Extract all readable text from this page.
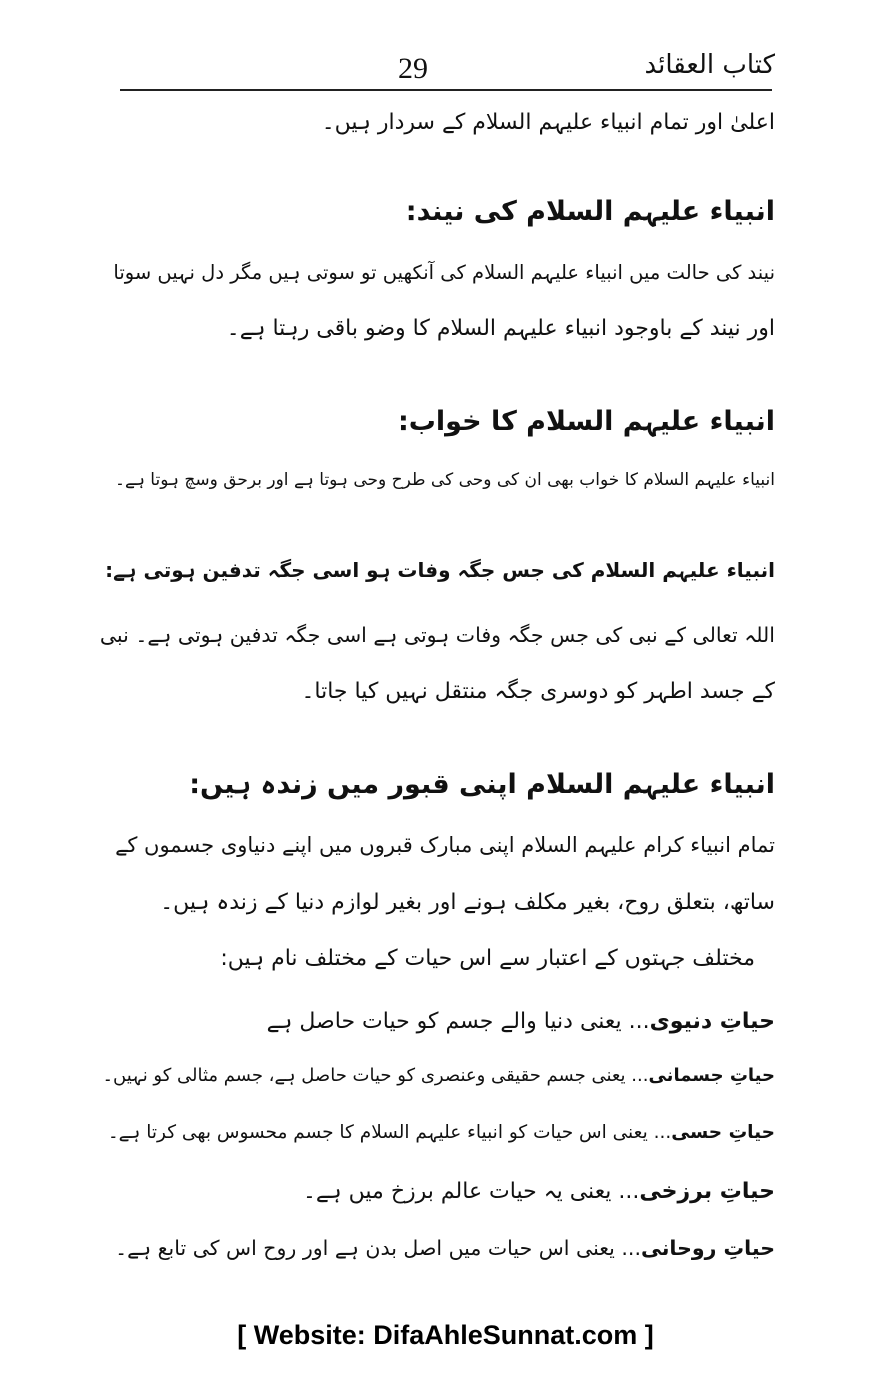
کتاب العقائد
29
اعلیٰ اور تمام انبیاء علیہم السلام کے سردار ہیں۔
انبیاء علیہم السلام کی نیند:
نیند کی حالت میں انبیاء علیہم السلام کی آنکھیں تو سوتی ہیں مگر دل نہیں سوتا
اور نیند کے باوجود انبیاء علیہم السلام کا وضو باقی رہتا ہے۔
انبیاء علیہم السلام کا خواب:
انبیاء علیہم السلام کا خواب بھی ان کی وحی کی طرح وحی ہوتا ہے اور برحق وسچ ہوتا ہے۔
انبیاء علیہم السلام کی جس جگہ وفات ہو اسی جگہ تدفین ہوتی ہے:
اللہ تعالی کے نبی کی جس جگہ وفات ہوتی ہے اسی جگہ تدفین ہوتی ہے۔ نبی
کے جسد اطہر کو دوسری جگہ منتقل نہیں کیا جاتا۔
انبیاء علیہم السلام اپنی قبور میں زندہ ہیں:
تمام انبیاء کرام علیہم السلام اپنی مبارک قبروں میں اپنے دنیاوی جسموں کے
ساتھ، بتعلق روح، بغیر مکلف ہونے اور بغیر لوازم دنیا کے زندہ ہیں۔
مختلف جہتوں کے اعتبار سے اس حیات کے مختلف نام ہیں:
حیاتِ دنیوی... یعنی دنیا والے جسم کو حیات حاصل ہے
حیاتِ جسمانی... یعنی جسم حقیقی وعنصری کو حیات حاصل ہے، جسم مثالی کو نہیں۔
حیاتِ حسی... یعنی اس حیات کو انبیاء علیہم السلام کا جسم محسوس بھی کرتا ہے۔
حیاتِ برزخی... یعنی یہ حیات عالم برزخ میں ہے۔
حیاتِ روحانی... یعنی اس حیات میں اصل بدن ہے اور روح اس کی تابع ہے۔
[ Website: DifaAhleSunnat.com ]
